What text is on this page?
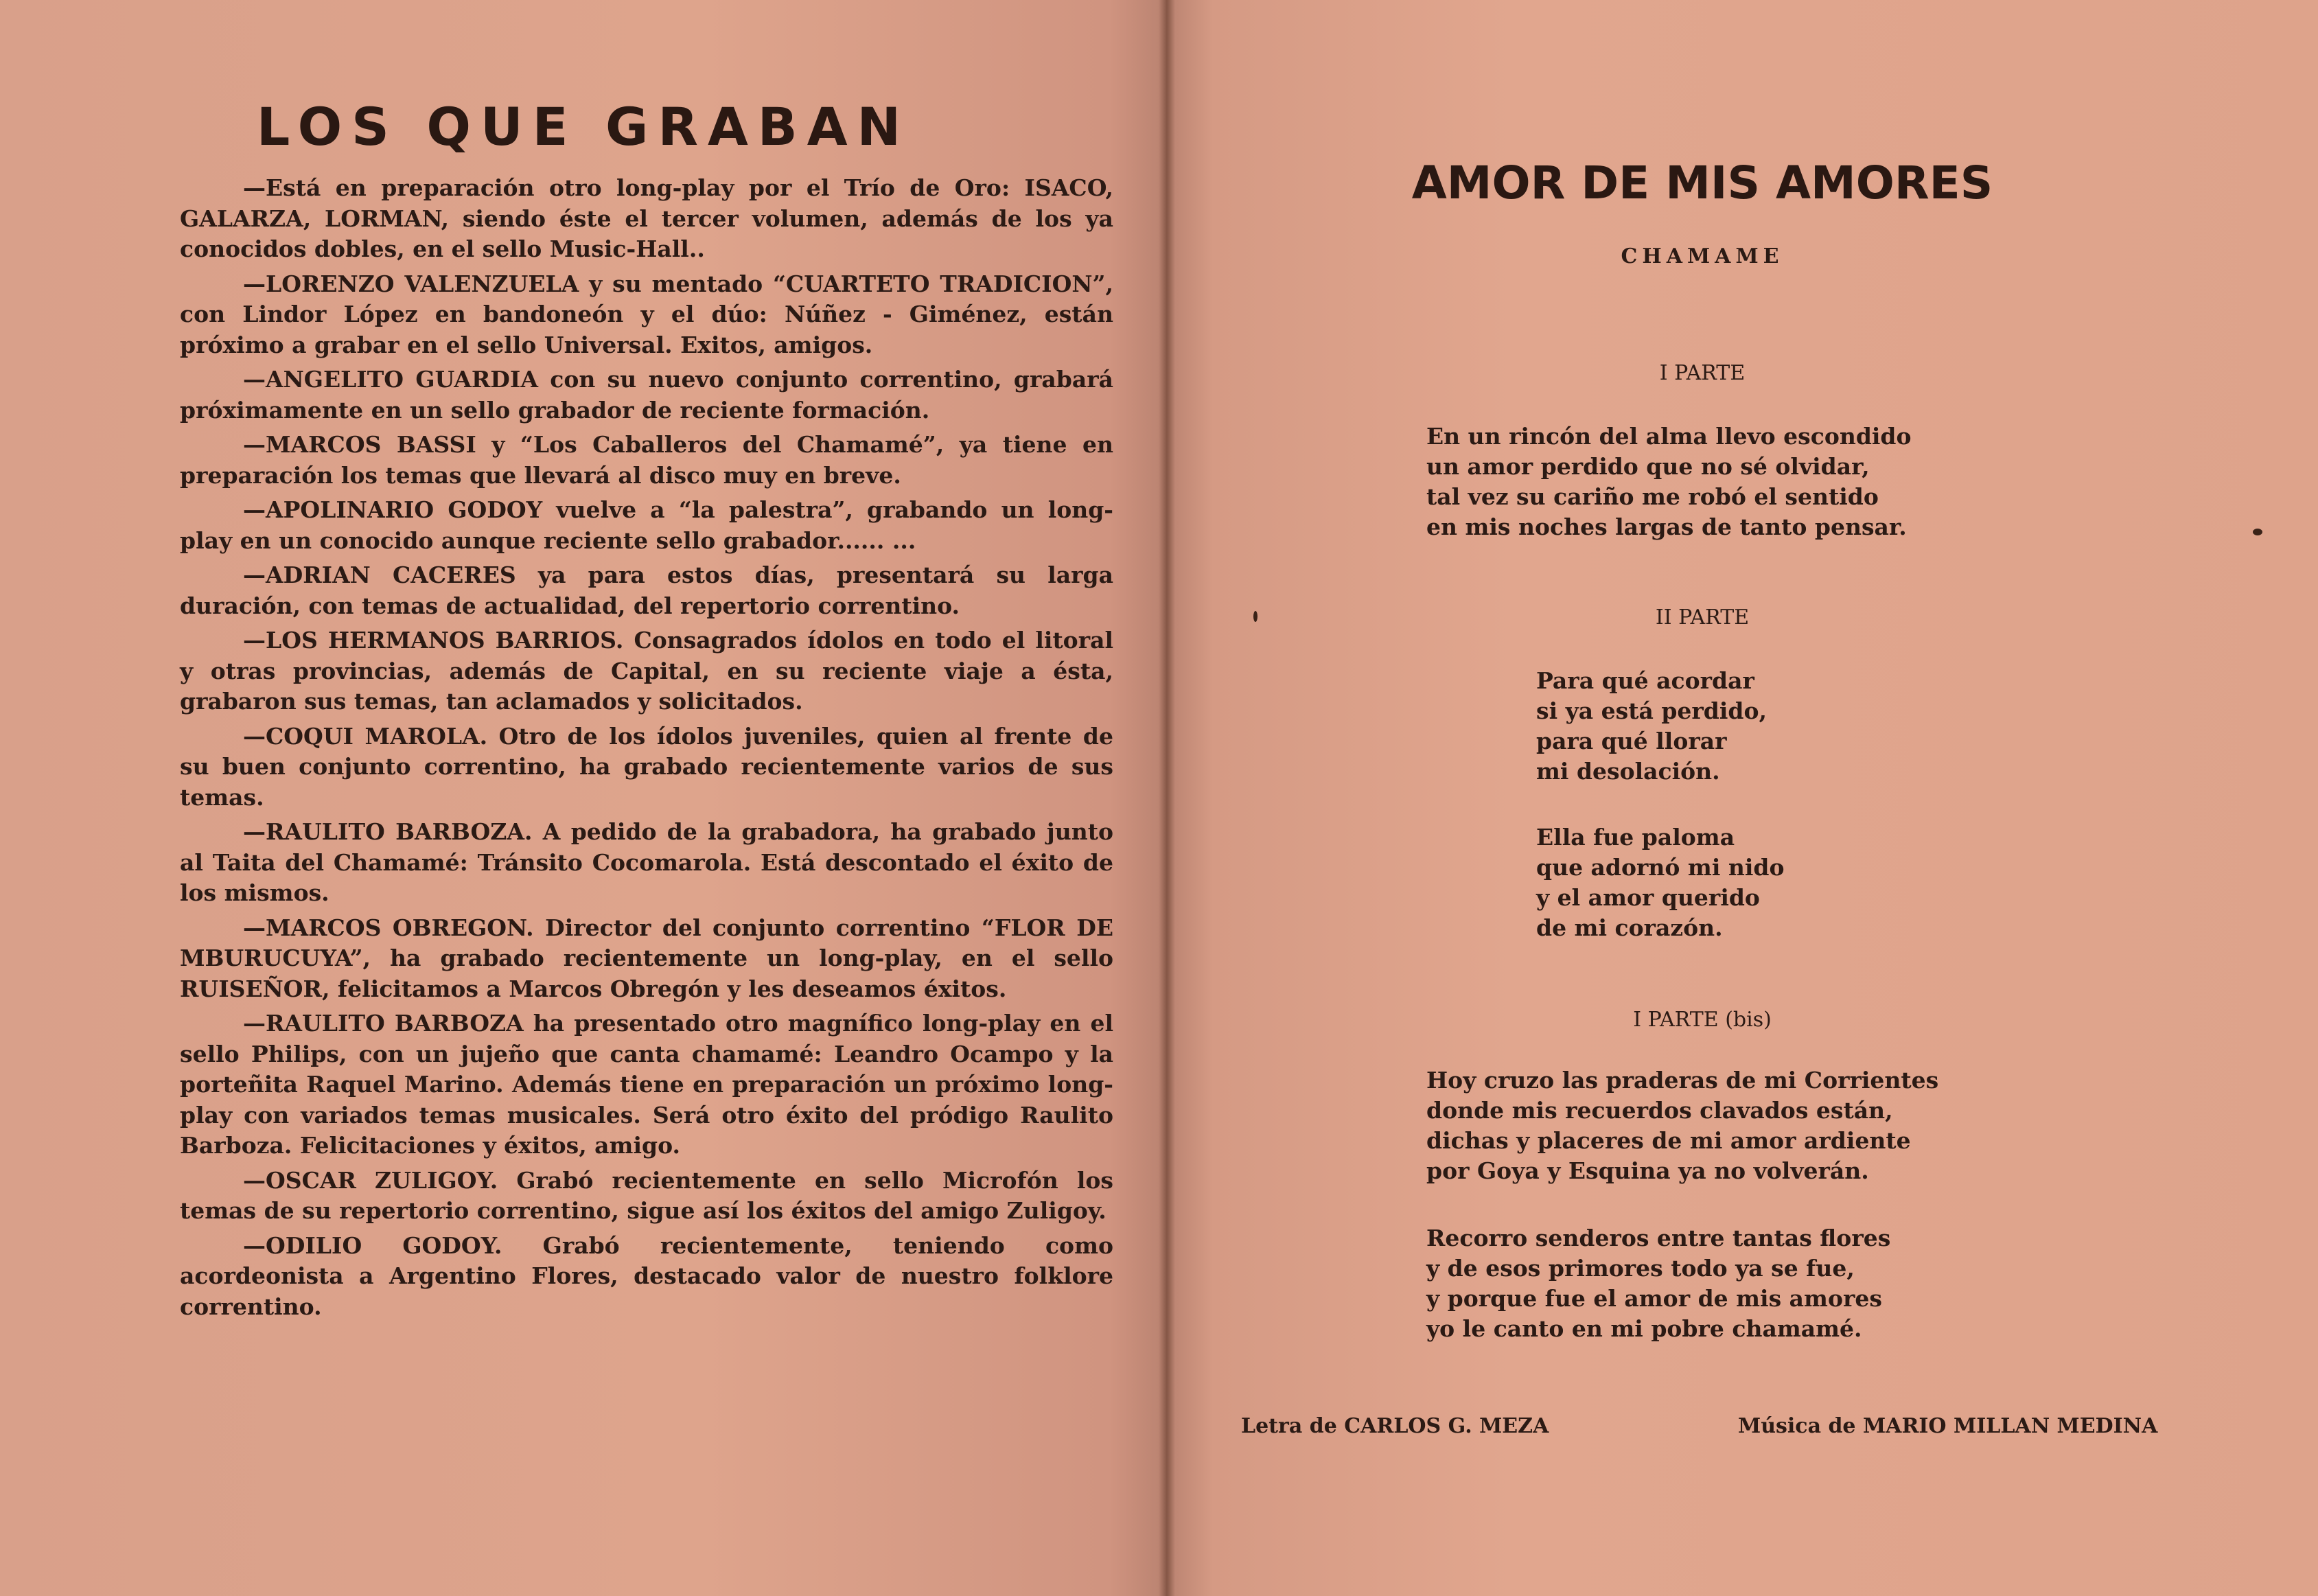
LOS QUE GRABAN

—Está en preparación otro long-play por el Trío de Oro: ISACO, GALARZA, LORMAN, siendo éste el tercer volumen, además de los ya conocidos dobles, en el sello Music-Hall..

—LORENZO VALENZUELA y su mentado “CUARTETO TRADICION”, con Lindor López en bandoneón y el dúo: Núñez - Giménez, están próximo a grabar en el sello Universal. Exitos, amigos.

—ANGELITO GUARDIA con su nuevo conjunto correntino, grabará próximamente en un sello grabador de reciente formación.

—MARCOS BASSI y “Los Caballeros del Chamamé”, ya tiene en preparación los temas que llevará al disco muy en breve.

—APOLINARIO GODOY vuelve a “la palestra”, grabando un long-play en un conocido aunque reciente sello grabador...... ...

—ADRIAN CACERES ya para estos días, presentará su larga duración, con temas de actualidad, del repertorio correntino.

—LOS HERMANOS BARRIOS. Consagrados ídolos en todo el litoral y otras provincias, además de Capital, en su reciente viaje a ésta, grabaron sus temas, tan aclamados y solicitados.

—COQUI MAROLA. Otro de los ídolos juveniles, quien al frente de su buen conjunto correntino, ha grabado recientemente varios de sus temas.

—RAULITO BARBOZA. A pedido de la grabadora, ha grabado junto al Taita del Chamamé: Tránsito Cocomarola. Está descontado el éxito de los mismos.

—MARCOS OBREGON. Director del conjunto correntino “FLOR DE MBURUCUYA”, ha grabado recientemente un long-play, en el sello RUISEÑOR, felicitamos a Marcos Obregón y les deseamos éxitos.

—RAULITO BARBOZA ha presentado otro magnífico long-play en el sello Philips, con un jujeño que canta chamamé: Leandro Ocampo y la porteñita Raquel Marino. Además tiene en preparación un próximo long-play con variados temas musicales. Será otro éxito del pródigo Raulito Barboza. Felicitaciones y éxitos, amigo.

—OSCAR ZULIGOY. Grabó recientemente en sello Microfón los temas de su repertorio correntino, sigue así los éxitos del amigo Zuligoy.

—ODILIO GODOY. Grabó recientemente, teniendo como acordeonista a Argentino Flores, destacado valor de nuestro folklore correntino.

AMOR DE MIS AMORES
CHAMAME
I PARTE
En un rincón del alma llevo escondido
un amor perdido que no sé olvidar,
tal vez su cariño me robó el sentido
en mis noches largas de tanto pensar.
II PARTE
Para qué acordar
si ya está perdido,
para qué llorar
mi desolación.
Ella fue paloma
que adornó mi nido
y el amor querido
de mi corazón.
I PARTE (bis)
Hoy cruzo las praderas de mi Corrientes
donde mis recuerdos clavados están,
dichas y placeres de mi amor ardiente
por Goya y Esquina ya no volverán.
Recorro senderos entre tantas flores
y de esos primores todo ya se fue,
y porque fue el amor de mis amores
yo le canto en mi pobre chamamé.
Letra de CARLOS G. MEZA	Música de MARIO MILLAN MEDINA
